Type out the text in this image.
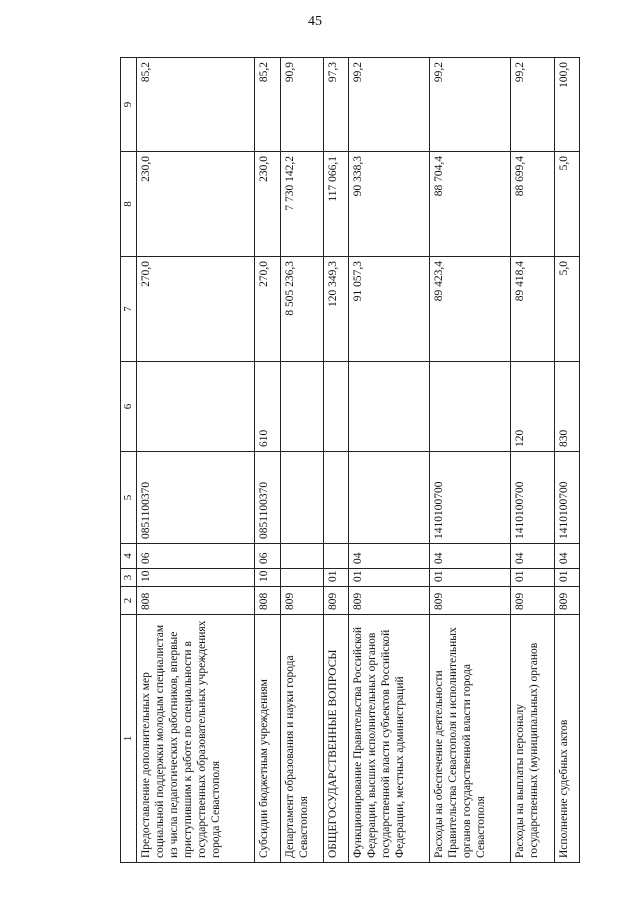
45
1	2	3	4	5	6	7	8	9
Предоставление дополнительных мер социальной поддержки молодым специалистам из числа педагогических работников, впервые приступившим к работе по специальности в государственных образовательных учреждениях города Севастополя	808	10	06	0851100370		270,0	230,0	85,2
Субсидии бюджетным учреждениям	808	10	06	0851100370	610	270,0	230,0	85,2
Департамент образования и науки города Севастополя	809					8 505 236,3	7 730 142,2	90,9
ОБЩЕГОСУДАРСТВЕННЫЕ ВОПРОСЫ	809	01				120 349,3	117 066,1	97,3
Функционирование Правительства Российской Федерации, высших исполнительных органов государственной власти субъектов Российской Федерации, местных администраций	809	01	04			91 057,3	90 338,3	99,2
Расходы на обеспечение деятельности Правительства Севастополя и исполнительных органов государственной власти города Севастополя	809	01	04	1410100700		89 423,4	88 704,4	99,2
Расходы на выплаты персоналу государственных (муниципальных) органов	809	01	04	1410100700	120	89 418,4	88 699,4	99,2
Исполнение судебных актов	809	01	04	1410100700	830	5,0	5,0	100,0
